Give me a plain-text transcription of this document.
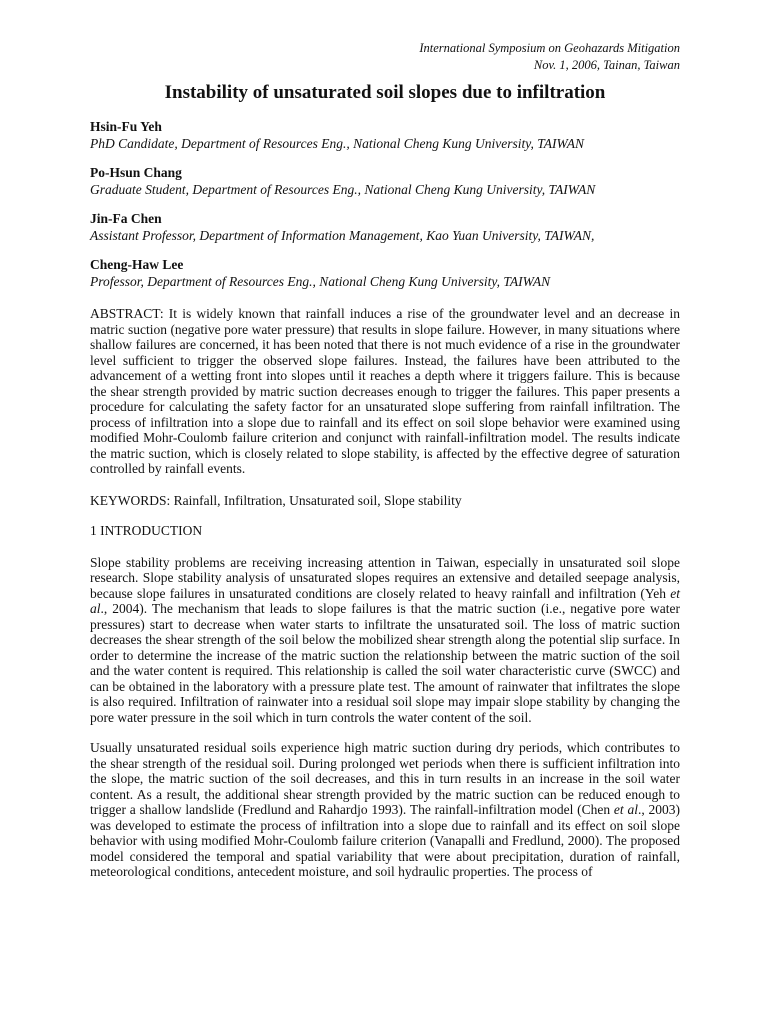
International Symposium on Geohazards Mitigation
Nov. 1, 2006, Tainan, Taiwan
Instability of unsaturated soil slopes due to infiltration
Hsin-Fu Yeh
PhD Candidate, Department of Resources Eng., National Cheng Kung University, TAIWAN
Po-Hsun Chang
Graduate Student, Department of Resources Eng., National Cheng Kung University, TAIWAN
Jin-Fa Chen
Assistant Professor, Department of Information Management, Kao Yuan University, TAIWAN,
Cheng-Haw Lee
Professor, Department of Resources Eng., National Cheng Kung University, TAIWAN

ABSTRACT: It is widely known that rainfall induces a rise of the groundwater level and an decrease in matric suction (negative pore water pressure) that results in slope failure. However, in many situations where shallow failures are concerned, it has been noted that there is not much evidence of a rise in the groundwater level sufficient to trigger the observed slope failures. Instead, the failures have been attributed to the advancement of a wetting front into slopes until it reaches a depth where it triggers failure. This is because the shear strength provided by matric suction decreases enough to trigger the failures. This paper presents a procedure for calculating the safety factor for an unsaturated slope suffering from rainfall infiltration. The process of infiltration into a slope due to rainfall and its effect on soil slope behavior were examined using modified Mohr-Coulomb failure criterion and conjunct with rainfall-infiltration model. The results indicate the matric suction, which is closely related to slope stability, is affected by the effective degree of saturation controlled by rainfall events.

KEYWORDS: Rainfall, Infiltration, Unsaturated soil, Slope stability
1 INTRODUCTION

Slope stability problems are receiving increasing attention in Taiwan, especially in unsaturated soil slope research. Slope stability analysis of unsaturated slopes requires an extensive and detailed seepage analysis, because slope failures in unsaturated conditions are closely related to heavy rainfall and infiltration (Yeh et al., 2004). The mechanism that leads to slope failures is that the matric suction (i.e., negative pore water pressures) start to decrease when water starts to infiltrate the unsaturated soil. The loss of matric suction decreases the shear strength of the soil below the mobilized shear strength along the potential slip surface. In order to determine the increase of the matric suction the relationship between the matric suction of the soil and the water content is required. This relationship is called the soil water characteristic curve (SWCC) and can be obtained in the laboratory with a pressure plate test. The amount of rainwater that infiltrates the slope is also required. Infiltration of rainwater into a residual soil slope may impair slope stability by changing the pore water pressure in the soil which in turn controls the water content of the soil.

Usually unsaturated residual soils experience high matric suction during dry periods, which contributes to the shear strength of the residual soil. During prolonged wet periods when there is sufficient infiltration into the slope, the matric suction of the soil decreases, and this in turn results in an increase in the soil water content. As a result, the additional shear strength provided by the matric suction can be reduced enough to trigger a shallow landslide (Fredlund and Rahardjo 1993). The rainfall-infiltration model (Chen et al., 2003) was developed to estimate the process of infiltration into a slope due to rainfall and its effect on soil slope behavior with using modified Mohr-Coulomb failure criterion (Vanapalli and Fredlund, 2000). The proposed model considered the temporal and spatial variability that were about precipitation, duration of rainfall, meteorological conditions, antecedent moisture, and soil hydraulic properties. The process of
